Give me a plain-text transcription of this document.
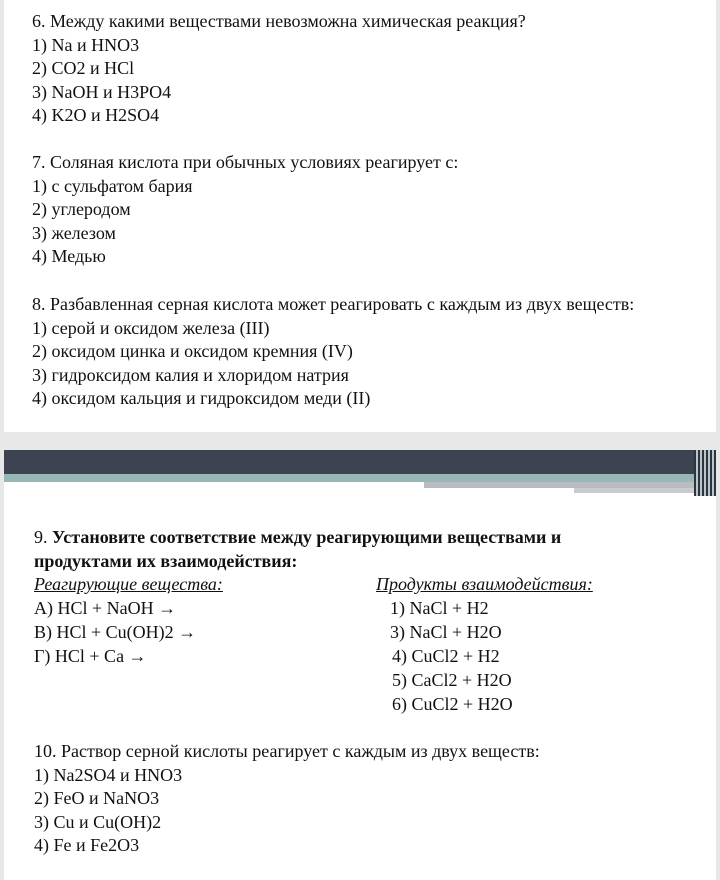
6. Между какими веществами невозможна химическая реакция?
1) Na и HNO3
2) CO2 и HCl
3) NaOH и H3PO4
4) K2O и H2SO4
7. Соляная кислота при обычных условиях реагирует с:
1) с сульфатом бария
2) углеродом
3) железом
4) Медью
8. Разбавленная серная кислота может реагировать с каждым из двух веществ:
1) серой и оксидом железа (III)
2) оксидом цинка и оксидом кремния (IV)
3) гидроксидом калия и хлоридом натрия
4) оксидом кальция и гидроксидом меди (II)
9. Установите соответствие между реагирующими веществами и
продуктами их взаимодействия:
Реагирующие вещества:
А) HCl + NaOH →
В) HCl + Cu(OH)2 →
Г) HCl + Ca →
Продукты взаимодействия:
1) NaCl + H2
3) NaCl + H2O
4) CuCl2 + H2
5) CaCl2 + H2O
6) CuCl2 + H2O
10. Раствор серной кислоты реагирует с каждым из двух веществ:
1) Na2SO4 и HNO3
2) FeO и NaNO3
3) Cu и Cu(OH)2
4) Fe и Fe2O3
